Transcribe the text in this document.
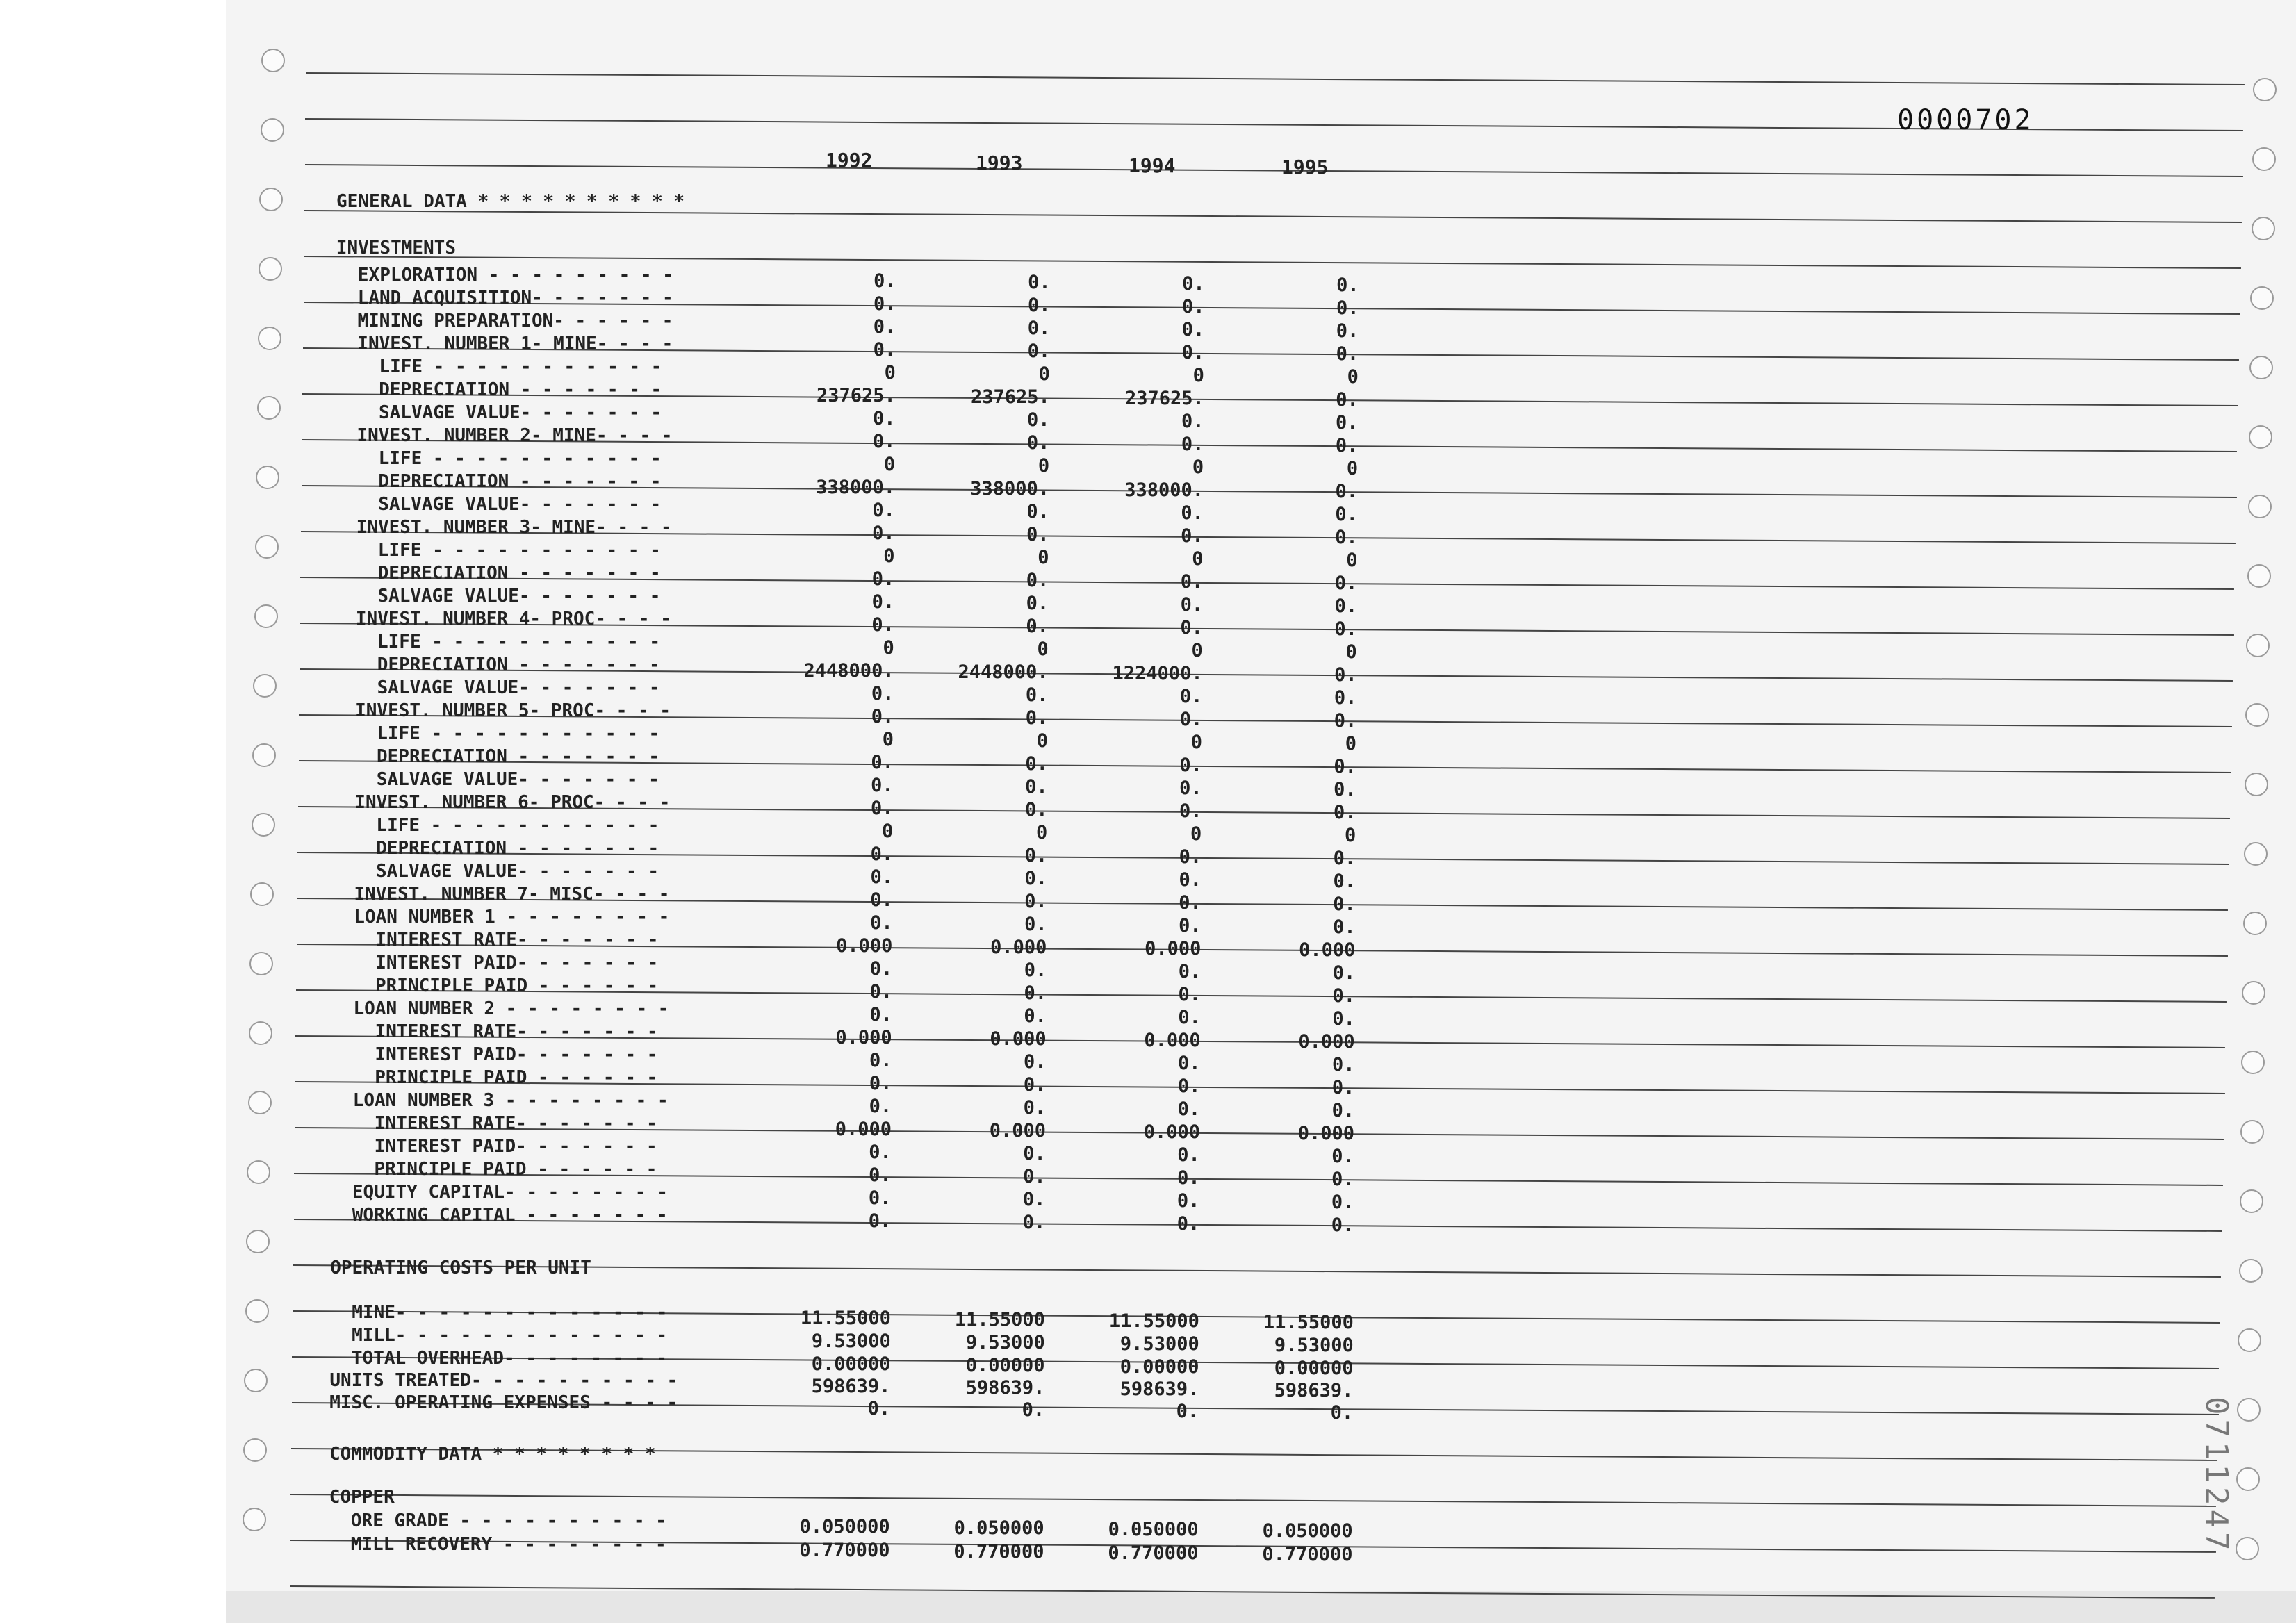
0000702
0711247
1992	1993	1994	1995
GENERAL DATA * * * * * * * * * *
INVESTMENTS
EXPLORATION - - - - - - - - -	0.	0.	0.	0.
LAND ACQUISITION- - - - - - -	0.	0.	0.	0.
MINING PREPARATION- - - - - -	0.	0.	0.	0.
INVEST. NUMBER 1- MINE- - - -	0.	0.	0.	0.
LIFE - - - - - - - - - - -	0	0	0	0
DEPRECIATION - - - - - - -	237625.	237625.	237625.	0.
SALVAGE VALUE- - - - - - -	0.	0.	0.	0.
INVEST. NUMBER 2- MINE- - - -	0.	0.	0.	0.
LIFE - - - - - - - - - - -	0	0	0	0
DEPRECIATION - - - - - - -	338000.	338000.	338000.	0.
SALVAGE VALUE- - - - - - -	0.	0.	0.	0.
INVEST. NUMBER 3- MINE- - - -	0.	0.	0.	0.
LIFE - - - - - - - - - - -	0	0	0	0
DEPRECIATION - - - - - - -	0.	0.	0.	0.
SALVAGE VALUE- - - - - - -	0.	0.	0.	0.
INVEST. NUMBER 4- PROC- - - -	0.	0.	0.	0.
LIFE - - - - - - - - - - -	0	0	0	0
DEPRECIATION - - - - - - -	2448000.	2448000.	1224000.	0.
SALVAGE VALUE- - - - - - -	0.	0.	0.	0.
INVEST. NUMBER 5- PROC- - - -	0.	0.	0.	0.
LIFE - - - - - - - - - - -	0	0	0	0
DEPRECIATION - - - - - - -	0.	0.	0.	0.
SALVAGE VALUE- - - - - - -	0.	0.	0.	0.
INVEST. NUMBER 6- PROC- - - -	0.	0.	0.	0.
LIFE - - - - - - - - - - -	0	0	0	0
DEPRECIATION - - - - - - -	0.	0.	0.	0.
SALVAGE VALUE- - - - - - -	0.	0.	0.	0.
INVEST. NUMBER 7- MISC- - - -	0.	0.	0.	0.
LOAN NUMBER 1 - - - - - - - -	0.	0.	0.	0.
INTEREST RATE- - - - - - -	0.000	0.000	0.000	0.000
INTEREST PAID- - - - - - -	0.	0.	0.	0.
PRINCIPLE PAID - - - - - -	0.	0.	0.	0.
LOAN NUMBER 2 - - - - - - - -	0.	0.	0.	0.
INTEREST RATE- - - - - - -	0.000	0.000	0.000	0.000
INTEREST PAID- - - - - - -	0.	0.	0.	0.
PRINCIPLE PAID - - - - - -	0.	0.	0.	0.
LOAN NUMBER 3 - - - - - - - -	0.	0.	0.	0.
INTEREST RATE- - - - - - -	0.000	0.000	0.000	0.000
INTEREST PAID- - - - - - -	0.	0.	0.	0.
PRINCIPLE PAID - - - - - -	0.	0.	0.	0.
EQUITY CAPITAL- - - - - - - -	0.	0.	0.	0.
WORKING CAPITAL - - - - - - -	0.	0.	0.	0.
OPERATING COSTS PER UNIT
MINE- - - - - - - - - - - - -	11.55000	11.55000	11.55000	11.55000
MILL- - - - - - - - - - - - -	9.53000	9.53000	9.53000	9.53000
TOTAL OVERHEAD- - - - - - - -	0.00000	0.00000	0.00000	0.00000
UNITS TREATED- - - - - - - - - -	598639.	598639.	598639.	598639.
MISC. OPERATING EXPENSES - - - -	0.	0.	0.	0.
COMMODITY DATA * * * * * * * *
COPPER
ORE GRADE - - - - - - - - - -	0.050000	0.050000	0.050000	0.050000
MILL RECOVERY - - - - - - - -	0.770000	0.770000	0.770000	0.770000
